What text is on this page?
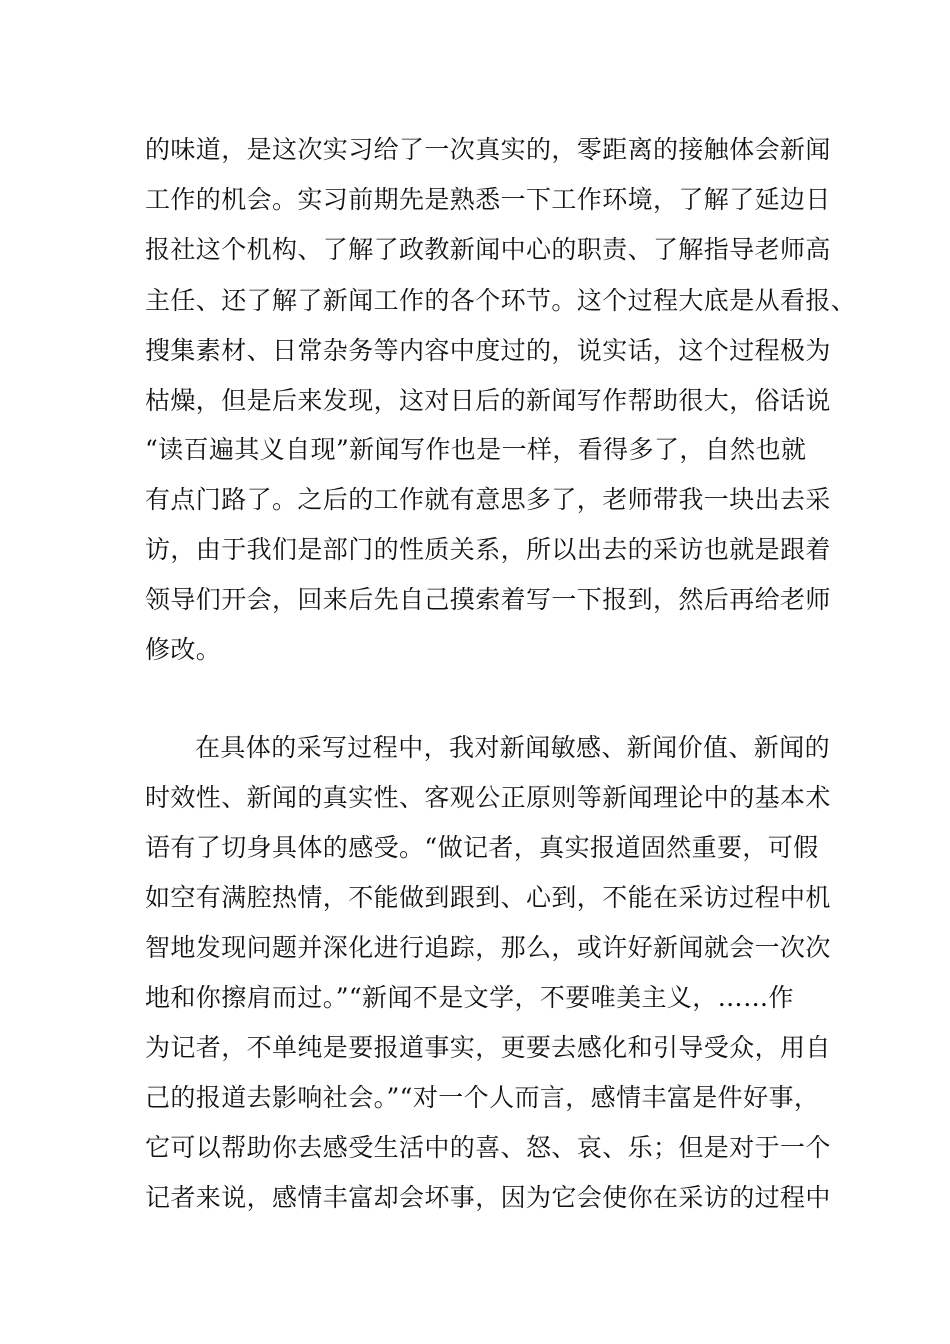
的味道，是这次实习给了一次真实的，零距离的接触体会新闻

工作的机会。实习前期先是熟悉一下工作环境，了解了延边日

报社这个机构、了解了政教新闻中心的职责、了解指导老师高

主任、还了解了新闻工作的各个环节。这个过程大底是从看报、

搜集素材、日常杂务等内容中度过的，说实话，这个过程极为

枯燥，但是后来发现，这对日后的新闻写作帮助很大，俗话说

“读百遍其义自现”新闻写作也是一样，看得多了，自然也就

有点门路了。之后的工作就有意思多了，老师带我一块出去采

访，由于我们是部门的性质关系，所以出去的采访也就是跟着

领导们开会，回来后先自己摸索着写一下报到，然后再给老师

修改。

在具体的采写过程中，我对新闻敏感、新闻价值、新闻的

时效性、新闻的真实性、客观公正原则等新闻理论中的基本术

语有了切身具体的感受。“做记者，真实报道固然重要，可假

如空有满腔热情，不能做到跟到、心到，不能在采访过程中机

智地发现问题并深化进行追踪，那么，或许好新闻就会一次次

地和你擦肩而过。”“新闻不是文学，不要唯美主义，……作

为记者，不单纯是要报道事实，更要去感化和引导受众，用自

己的报道去影响社会。”“对一个人而言，感情丰富是件好事，

它可以帮助你去感受生活中的喜、怒、哀、乐；但是对于一个

记者来说，感情丰富却会坏事，因为它会使你在采访的过程中
